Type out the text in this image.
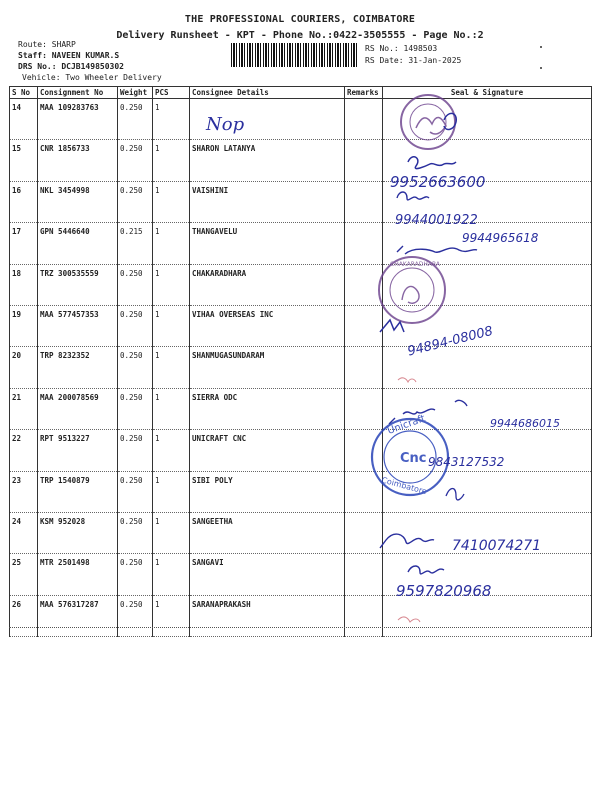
THE PROFESSIONAL COURIERS, COIMBATORE
Delivery Runsheet - KPT - Phone No.:0422-3505555 - Page No.:2
Route: SHARP
Staff: NAVEEN KUMAR.S
DRS No.: DCJB149850302
Vehicle: Two Wheeler Delivery
RS No.: 1498503
RS Date: 31-Jan-2025
S No	Consignment No	Weight	PCS	Consignee Details	Remarks	Seal & Signature
14	MAA 109283763	0.250	1			
15	CNR 1856733	0.250	1	SHARON LATANYA		
16	NKL 3454998	0.250	1	VAISHINI		
17	GPN 5446640	0.215	1	THANGAVELU		
18	TRZ 300535559	0.250	1	CHAKARADHARA		
19	MAA 577457353	0.250	1	VIHAA OVERSEAS INC		
20	TRP 8232352	0.250	1	SHANMUGASUNDARAM		
21	MAA 200078569	0.250	1	SIERRA ODC		
22	RPT 9513227	0.250	1	UNICRAFT CNC		
23	TRP 1540879	0.250	1	SIBI POLY		
24	KSM 952028	0.250	1	SANGEETHA		
25	MTR 2501498	0.250	1	SANGAVI		
26	MAA 576317287	0.250	1	SARANAPRAKASH		
Nop
9952663600
9944001922
9944965618
CHAKARADHARA
94894-08008
9944686015
Unicraft
Cnc
Coimbatore
9843127532
7410074271
9597820968
